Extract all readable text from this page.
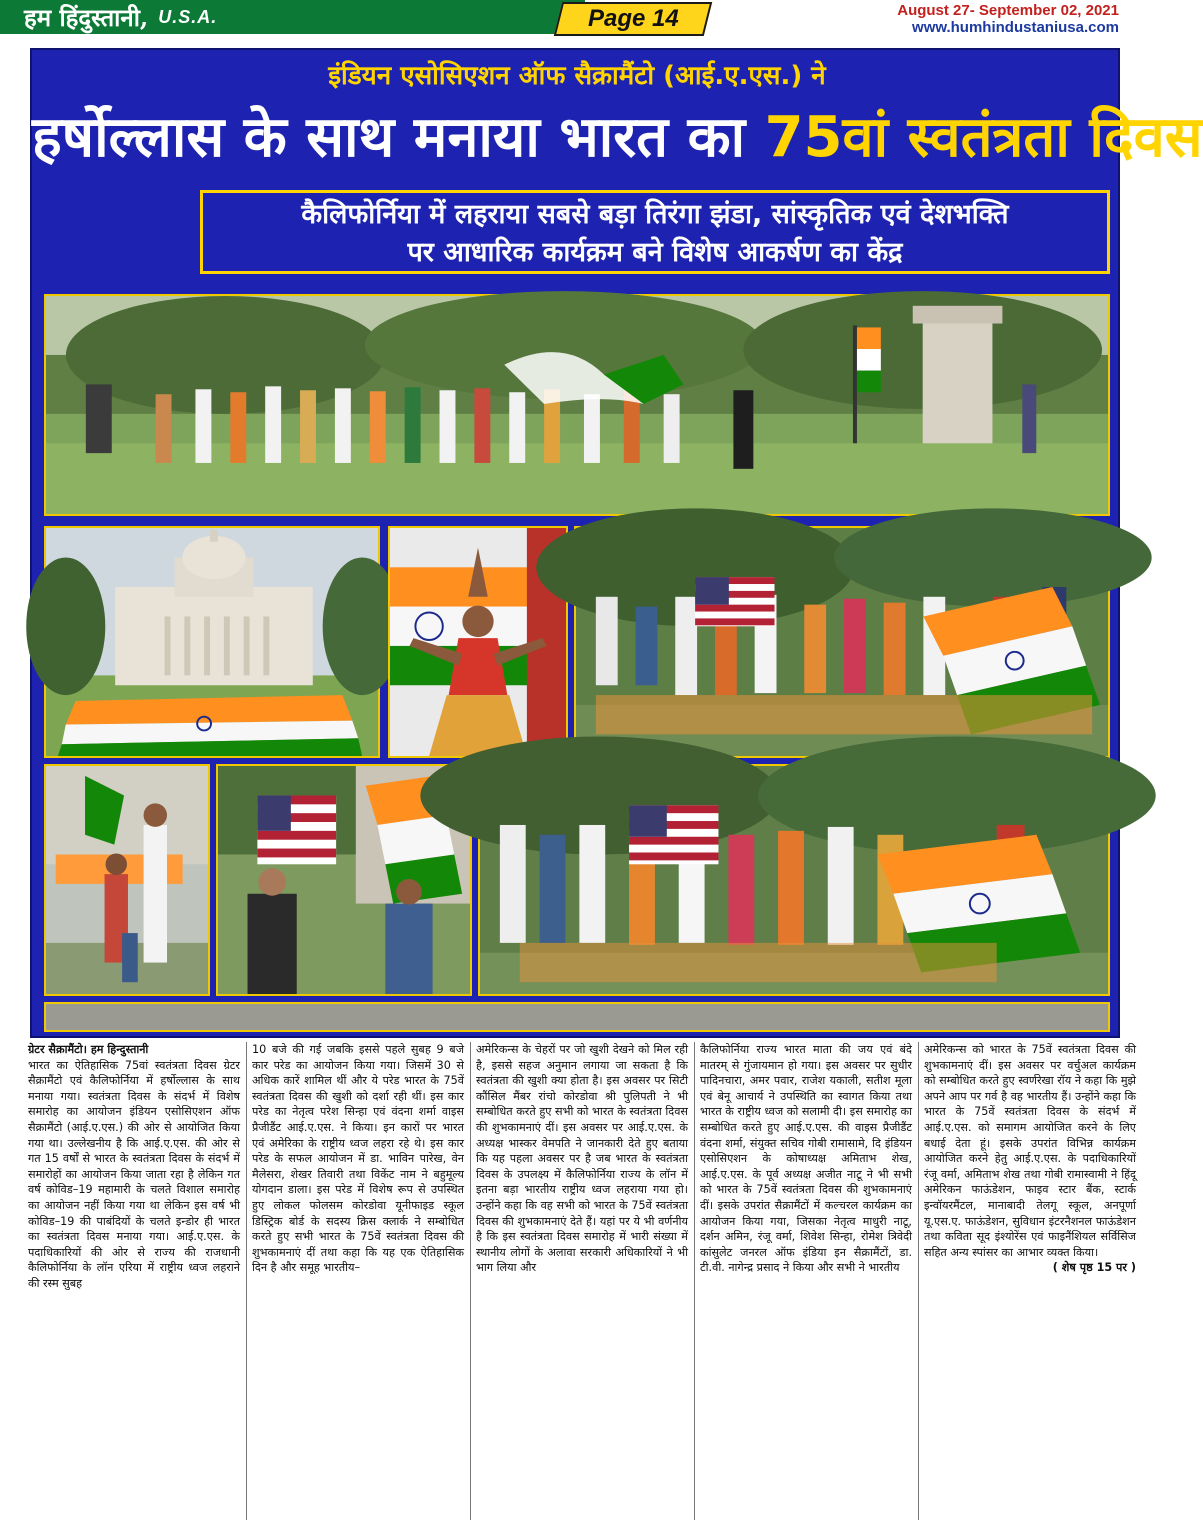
हम हिंदुस्तानी, U.S.A.	Page 14	August 27- September 02, 2021
www.humhindustaniusa.com
इंडियन एसोसिएशन ऑफ सैक्रामैंटो (आई.ए.एस.) ने
हर्षोल्लास के साथ मनाया भारत का 75वां स्वतंत्रता दिवस
कैलिफोर्निया में लहराया सबसे बड़ा तिरंगा झंडा, सांस्कृतिक एवं देशभक्ति
पर आधारिक कार्यक्रम बने विशेष आकर्षण का केंद्र
ग्रेटर सैक्रामैंटो। हम हिन्दुस्तानी
भारत का ऐतिहासिक 75वां स्वतंत्रता दिवस ग्रेटर सैक्रामैंटो एवं कैलिफोर्निया में हर्षोल्लास के साथ मनाया गया। स्वतंत्रता दिवस के संदर्भ में विशेष समारोह का आयोजन इंडियन एसोसिएशन ऑफ सैक्रामैंटो (आई.ए.एस.) की ओर से आयोजित किया गया था। उल्लेखनीय है कि आई.ए.एस. की ओर से गत 15 वर्षों से भारत के स्वतंत्रता दिवस के संदर्भ में समारोहों का आयोजन किया जाता रहा है लेकिन गत वर्ष कोविड–19 महामारी के चलते विशाल समारोह का आयोजन नहीं किया गया था लेकिन इस वर्ष भी कोविड–19 की पाबंदियों के चलते इन्डोर ही भारत का स्वतंत्रता दिवस मनाया गया। आई.ए.एस. के पदाधिकारियों की ओर से राज्य की राजधानी कैलिफोर्निया के लॉन एरिया में राष्ट्रीय ध्वज लहराने की रस्म सुबह
10 बजे की गई जबकि इससे पहले सुबह 9 बजे कार परेड का आयोजन किया गया। जिसमें 30 से अधिक कारें शामिल थीं और ये परेड भारत के 75वें स्वतंत्रता दिवस की खुशी को दर्शा रही थीं। इस कार परेड का नेतृत्व परेश सिन्हा एवं वंदना शर्मा वाइस प्रैजीडैंट आई.ए.एस. ने किया। इन कारों पर भारत एवं अमेरिका के राष्ट्रीय ध्वज लहरा रहे थे। इस कार परेड के सफल आयोजन में डा. भाविन पारेख, वेन मैलेसरा, शेखर तिवारी तथा विकेंट नाम ने बहुमूल्य योगदान डाला। इस परेड में विशेष रूप से उपस्थित हुए लोकल फोलसम कोरडोवा यूनीफाइड स्कूल डिस्ट्रिक बोर्ड के सदस्य क्रिस क्लार्क ने सम्बोधित करते हुए सभी भारत के 75वें स्वतंत्रता दिवस की शुभकामनाएं दीं तथा कहा कि यह एक ऐतिहासिक दिन है और समूह भारतीय–
अमेरिकन्स के चेहरों पर जो खुशी देखने को मिल रही है, इससे सहज अनुमान लगाया जा सकता है कि स्वतंत्रता की खुशी क्या होता है। इस अवसर पर सिटी कौंसिल मैंबर रांचो कोरडोवा श्री पुलिपती ने भी सम्बोधित करते हुए सभी को भारत के स्वतंत्रता दिवस की शुभकामनाएं दीं। इस अवसर पर आई.ए.एस. के अध्यक्ष भास्कर वेमपति ने जानकारी देते हुए बताया कि यह पहला अवसर पर है जब भारत के स्वतंत्रता दिवस के उपलक्ष्य में कैलिफोर्निया राज्य के लॉन में इतना बड़ा भारतीय राष्ट्रीय ध्वज लहराया गया हो। उन्होंने कहा कि वह सभी को भारत के 75वें स्वतंत्रता दिवस की शुभकामनाएं देते हैं। यहां पर ये भी वर्णनीय है कि इस स्वतंत्रता दिवस समारोह में भारी संख्या में स्थानीय लोगों के अलावा सरकारी अधिकारियों ने भी भाग लिया और
कैलिफोर्निया राज्य भारत माता की जय एवं बंदे मातरम् से गुंजायमान हो गया। इस अवसर पर सुधीर पादिनचारा, अमर पवार, राजेश यकाली, सतीश मूला एवं बेनू आचार्य ने उपस्थिति का स्वागत किया तथा भारत के राष्ट्रीय ध्वज को सलामी दी। इस समारोह का सम्बोधित करते हुए आई.ए.एस. की वाइस प्रैजीडैंट वंदना शर्मा, संयुक्त सचिव गोबी रामासामे, दि इंडियन एसोसिएशन के कोषाध्यक्ष अमिताभ शेख, आई.ए.एस. के पूर्व अध्यक्ष अजीत नाटू ने भी सभी को भारत के 75वें स्वतंत्रता दिवस की शुभकामनाएं दीं। इसके उपरांत सैक्रामैंटों में कल्चरल कार्यक्रम का आयोजन किया गया, जिसका नेतृत्व माधुरी नाटू, दर्शन अमिन, रंजू वर्मा, शिवेश सिन्हा, रोमेश त्रिवेदी कांसुलेट जनरल ऑफ इंडिया इन सैक्रामैंटों, डा. टी.वी. नागेन्द्र प्रसाद ने किया और सभी ने भारतीय
अमेरिकन्स को भारत के 75वें स्वतंत्रता दिवस की शुभकामनाएं दीं। इस अवसर पर वर्चुअल कार्यक्रम को सम्बोधित करते हुए स्वर्णरेखा रॉय ने कहा कि मुझे अपने आप पर गर्व है वह भारतीय हैं। उन्होंने कहा कि भारत के 75वें स्वतंत्रता दिवस के संदर्भ में आई.ए.एस. को समागम आयोजित करने के लिए बधाई देता हूं। इसके उपरांत विभिन्न कार्यक्रम आयोजित करने हेतु आई.ए.एस. के पदाधिकारियों रंजू वर्मा, अमिताभ शेख तथा गोबी रामास्वामी ने हिंदू अमेरिकन फाऊंडेशन, फाइव स्टार बैंक, स्टार्क इन्वॉयरमैंटल, मानाबादी तेलगू स्कूल, अनपूर्णा यू.एस.ए. फाऊंडेशन, सुविधान इंटरनैशनल फाऊंडेशन तथा कविता सूद इंश्योरेंस एवं फाइनैंशियल सर्विसिज सहित अन्य स्पांसर का आभार व्यक्त किया।
( शेष पृष्ठ 15 पर )
